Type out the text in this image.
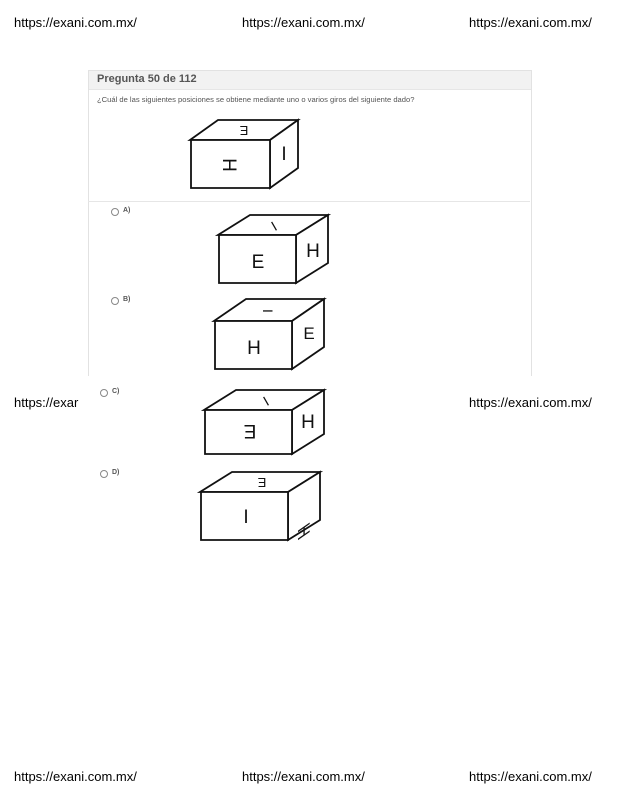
https://exani.com.mx/	https://exani.com.mx/	https://exani.com.mx/
Pregunta 50 de 112
¿Cuál de las siguientes posiciones se obtiene mediante uno o varios giros del siguiente dado?
H
E
I
A)
E
I
H
B)
H
I
E
https://exar	https://exani.com.mx/
C)
E
I
H
D)
I
E
H
https://exani.com.mx/	https://exani.com.mx/	https://exani.com.mx/
